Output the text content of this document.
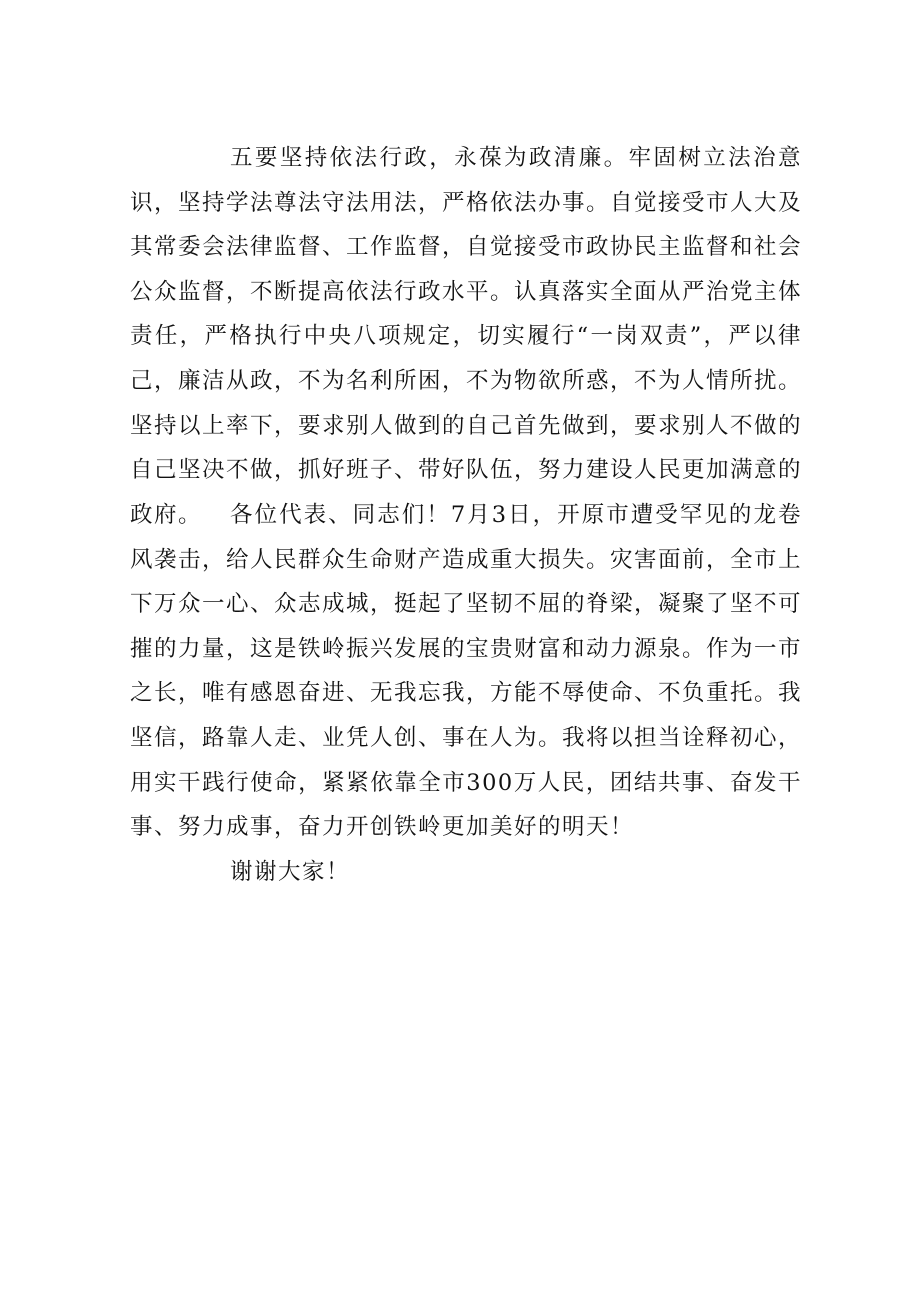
五要坚持依法行政，永葆为政清廉。牢固树立法治意识，坚持学法尊法守法用法，严格依法办事。自觉接受市人大及其常委会法律监督、工作监督，自觉接受市政协民主监督和社会公众监督，不断提高依法行政水平。认真落实全面从严治党主体责任，严格执行中央八项规定，切实履行“一岗双责”，严以律己，廉洁从政，不为名利所困，不为物欲所惑，不为人情所扰。坚持以上率下，要求别人做到的自己首先做到，要求别人不做的自己坚决不做，抓好班子、带好队伍，努力建设人民更加满意的政府。	各位代表、同志们！7月3日，开原市遭受罕见的龙卷风袭击，给人民群众生命财产造成重大损失。灾害面前，全市上下万众一心、众志成城，挺起了坚韧不屈的脊梁，凝聚了坚不可摧的力量，这是铁岭振兴发展的宝贵财富和动力源泉。作为一市之长，唯有感恩奋进、无我忘我，方能不辱使命、不负重托。我坚信，路靠人走、业凭人创、事在人为。我将以担当诠释初心，用实干践行使命，紧紧依靠全市300万人民，团结共事、奋发干事、努力成事，奋力开创铁岭更加美好的明天！

谢谢大家！
